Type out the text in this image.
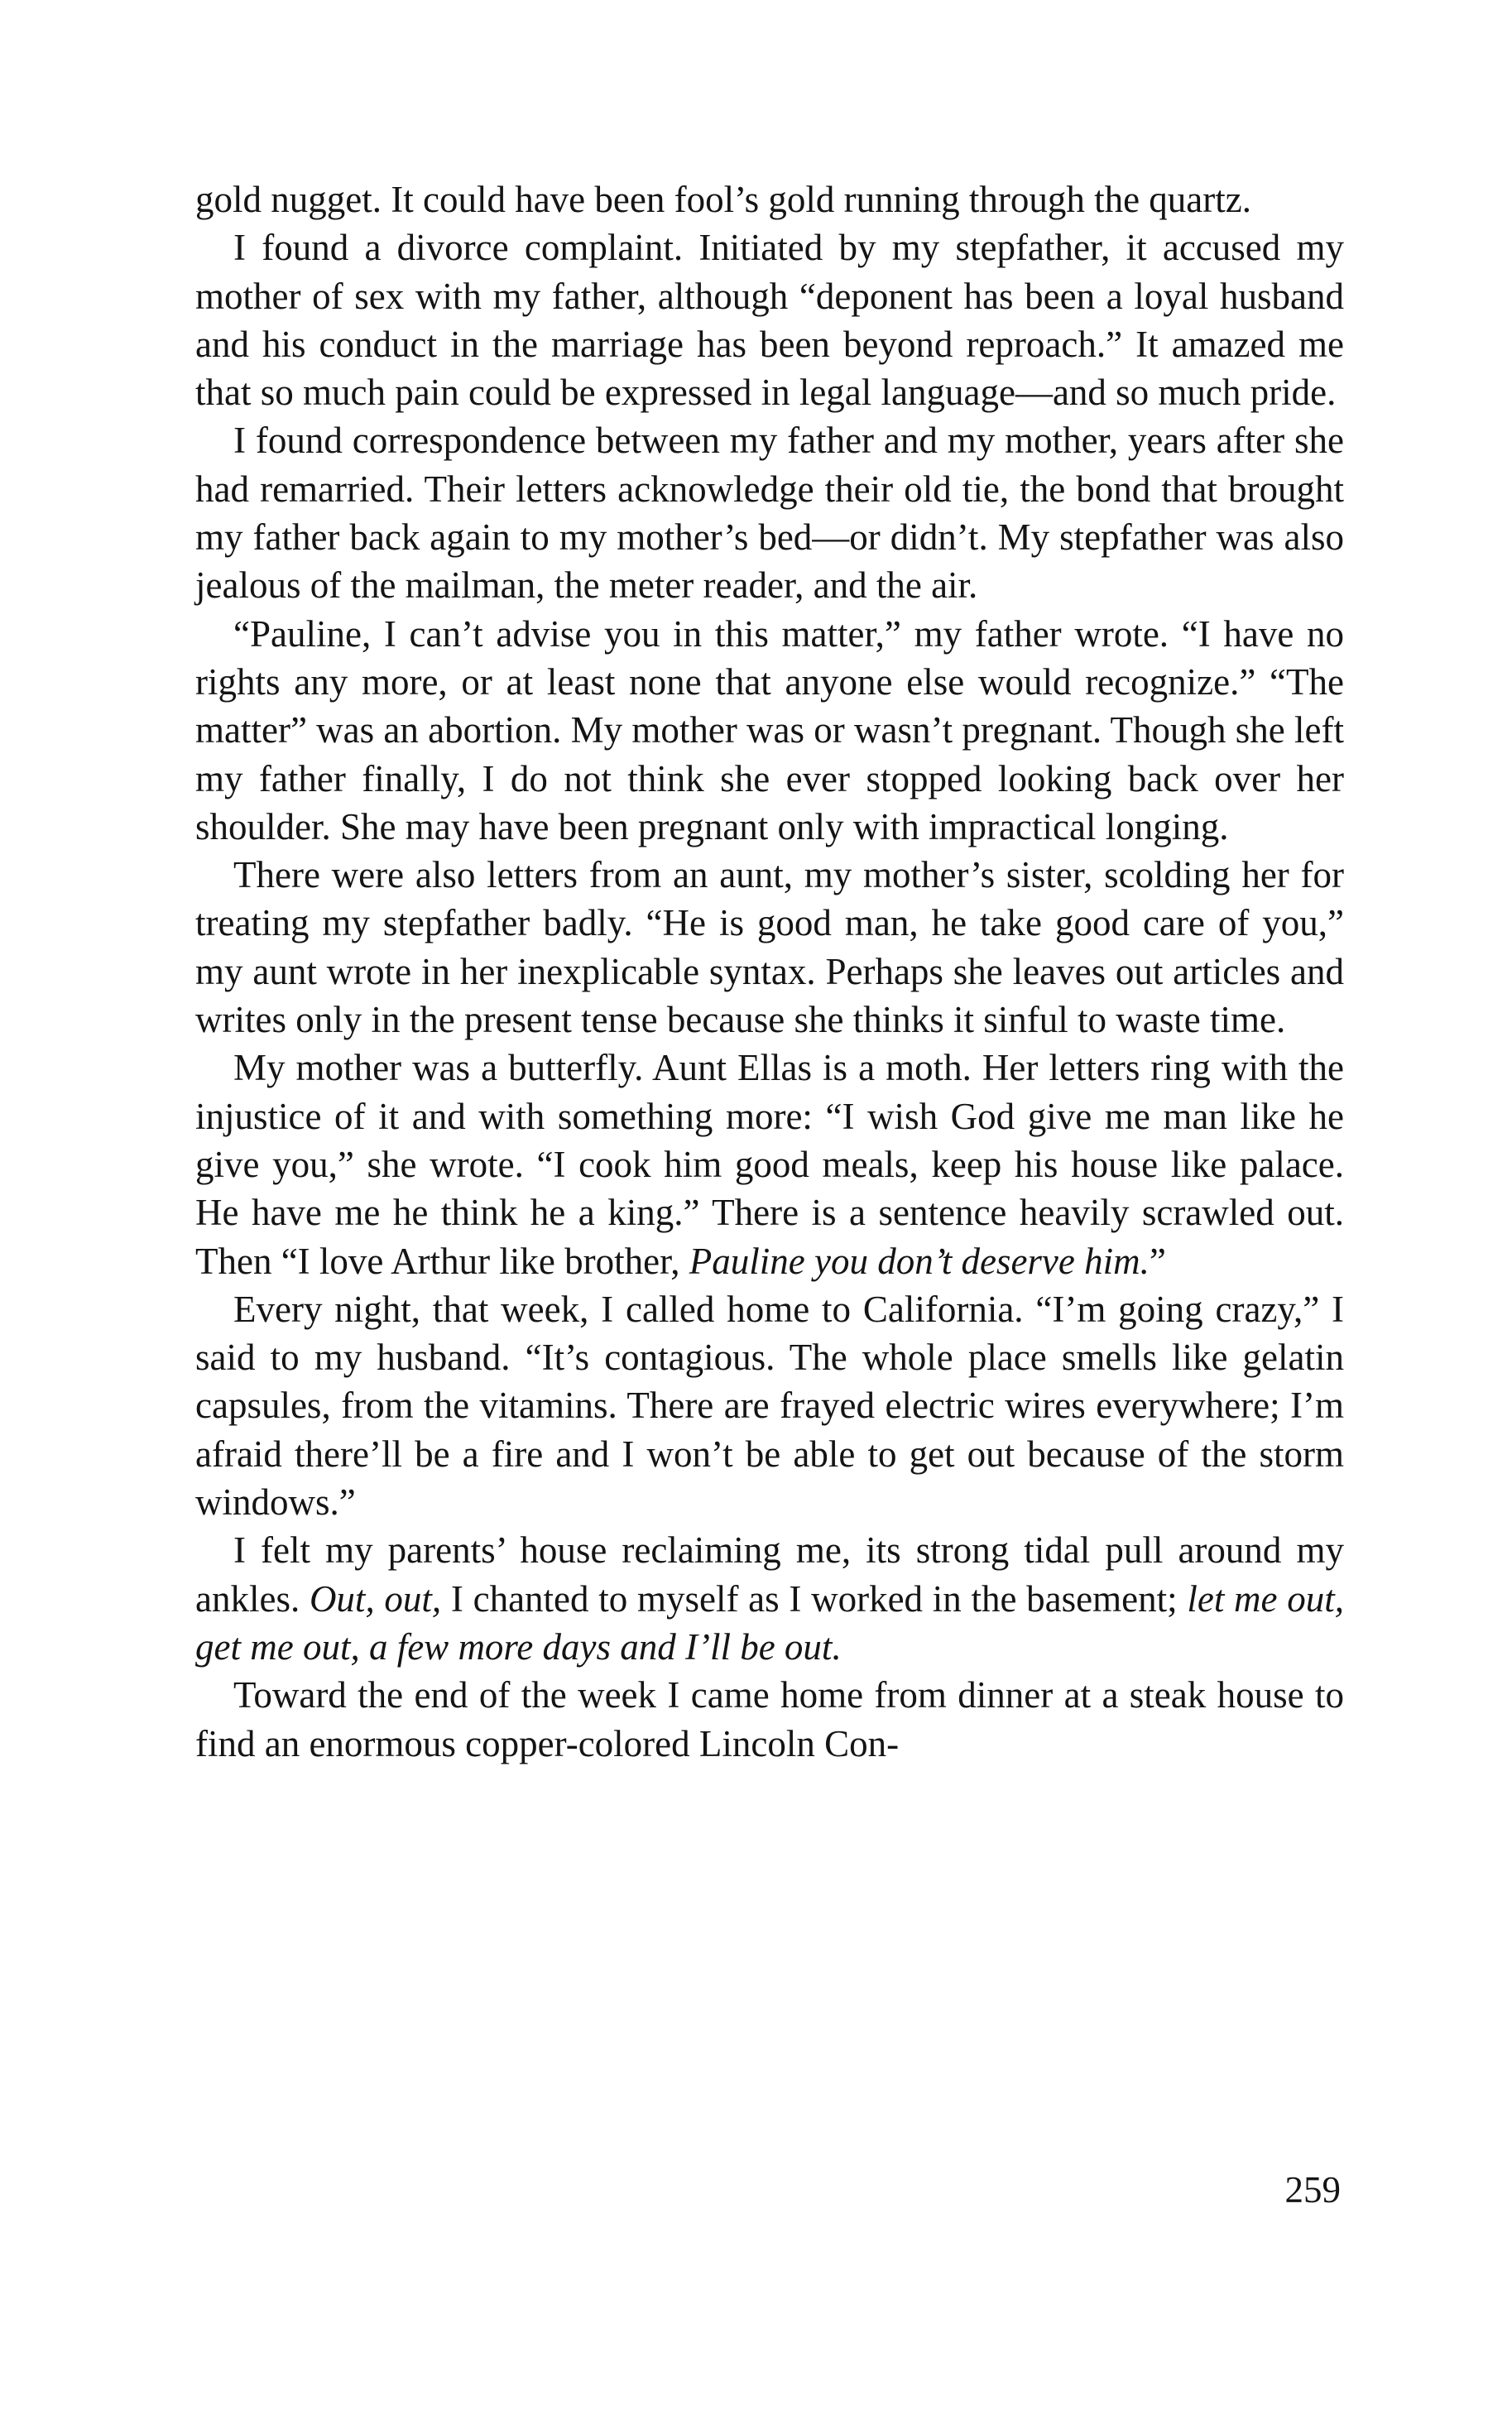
gold nugget. It could have been fool’s gold running through the quartz.

I found a divorce complaint. Initiated by my stepfather, it accused my mother of sex with my father, although “deponent has been a loyal husband and his conduct in the marriage has been beyond reproach.” It amazed me that so much pain could be expressed in legal language—and so much pride.

I found correspondence between my father and my mother, years after she had remarried. Their letters acknowledge their old tie, the bond that brought my father back again to my mother’s bed—or didn’t. My stepfather was also jealous of the mailman, the meter reader, and the air.

“Pauline, I can’t advise you in this matter,” my father wrote. “I have no rights any more, or at least none that anyone else would recognize.” “The matter” was an abortion. My mother was or wasn’t pregnant. Though she left my father finally, I do not think she ever stopped looking back over her shoulder. She may have been pregnant only with impractical longing.

There were also letters from an aunt, my mother’s sister, scolding her for treating my stepfather badly. “He is good man, he take good care of you,” my aunt wrote in her inexplicable syntax. Perhaps she leaves out articles and writes only in the present tense because she thinks it sinful to waste time.

My mother was a butterfly. Aunt Ellas is a moth. Her letters ring with the injustice of it and with something more: “I wish God give me man like he give you,” she wrote. “I cook him good meals, keep his house like palace. He have me he think he a king.” There is a sentence heavily scrawled out. Then “I love Arthur like brother, Pauline you don’t deserve him.”

Every night, that week, I called home to California. “I’m going crazy,” I said to my husband. “It’s contagious. The whole place smells like gelatin capsules, from the vitamins. There are frayed electric wires everywhere; I’m afraid there’ll be a fire and I won’t be able to get out because of the storm windows.”

I felt my parents’ house reclaiming me, its strong tidal pull around my ankles. Out, out, I chanted to myself as I worked in the basement; let me out, get me out, a few more days and I’ll be out.

Toward the end of the week I came home from dinner at a steak house to find an enormous copper-colored Lincoln Con-

259
